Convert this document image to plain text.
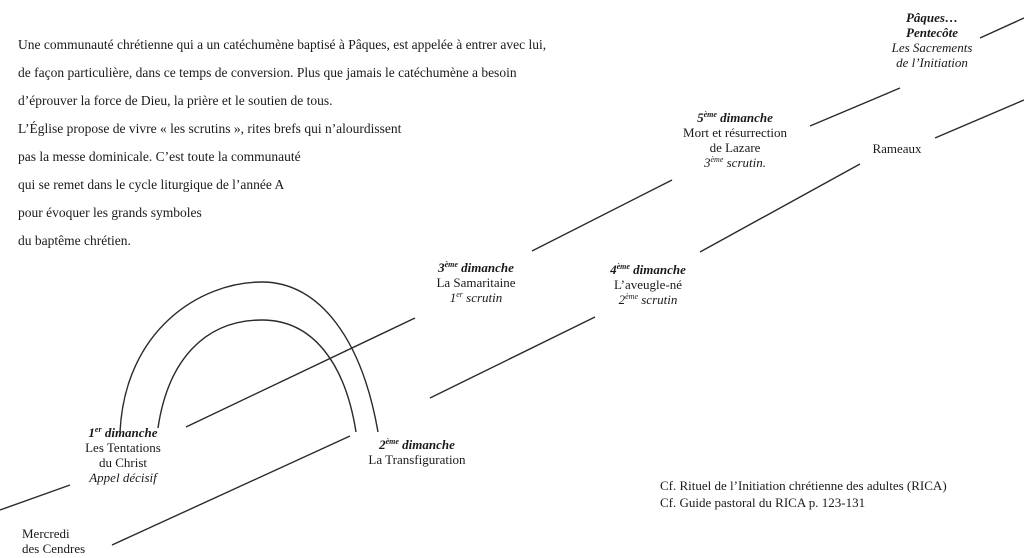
Une communauté chrétienne qui a un catéchumène baptisé à Pâques, est appelée à entrer avec lui,
de façon particulière, dans ce temps de conversion. Plus que jamais le catéchumène a besoin
d’éprouver la force de Dieu, la prière et le soutien de tous.
L’Église propose de vivre « les scrutins », rites brefs qui n’alourdissent
pas la messe dominicale. C’est toute la communauté
qui se remet dans le cycle liturgique de l’année A
pour évoquer les grands symboles
du baptême chrétien.
Mercredi
des Cendres
1er dimanche
Les Tentations
du Christ
Appel décisif
2ème dimanche
La Transfiguration
3ème dimanche
La Samaritaine
1er scrutin
4ème dimanche
L’aveugle-né
2ème scrutin
5ème dimanche
Mort et résurrection
de Lazare
3ème scrutin.
Rameaux
Pâques…
Pentecôte
Les Sacrements
de l’Initiation
Cf. Rituel de l’Initiation chrétienne des adultes (RICA)
Cf. Guide pastoral du RICA p. 123-131
